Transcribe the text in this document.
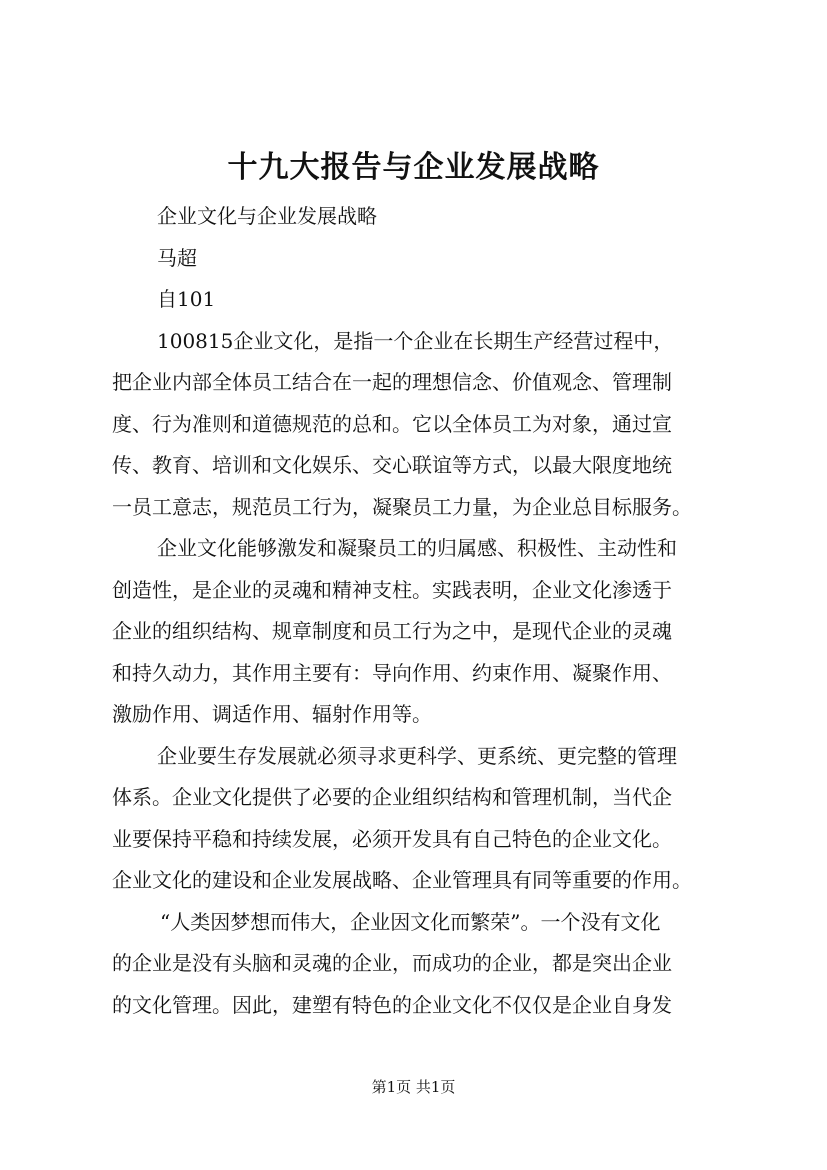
十九大报告与企业发展战略
企业文化与企业发展战略
马超
自101
100815企业文化，是指一个企业在长期生产经营过程中，
把企业内部全体员工结合在一起的理想信念、价值观念、管理制
度、行为准则和道德规范的总和。它以全体员工为对象，通过宣
传、教育、培训和文化娱乐、交心联谊等方式，以最大限度地统
一员工意志，规范员工行为，凝聚员工力量，为企业总目标服务。
企业文化能够激发和凝聚员工的归属感、积极性、主动性和
创造性，是企业的灵魂和精神支柱。实践表明，企业文化渗透于
企业的组织结构、规章制度和员工行为之中，是现代企业的灵魂
和持久动力，其作用主要有：导向作用、约束作用、凝聚作用、
激励作用、调适作用、辐射作用等。
企业要生存发展就必须寻求更科学、更系统、更完整的管理
体系。企业文化提供了必要的企业组织结构和管理机制，当代企
业要保持平稳和持续发展，必须开发具有自己特色的企业文化。
企业文化的建设和企业发展战略、企业管理具有同等重要的作用。
“人类因梦想而伟大，企业因文化而繁荣”。一个没有文化
的企业是没有头脑和灵魂的企业，而成功的企业，都是突出企业
的文化管理。因此，建塑有特色的企业文化不仅仅是企业自身发
第1页 共1页
